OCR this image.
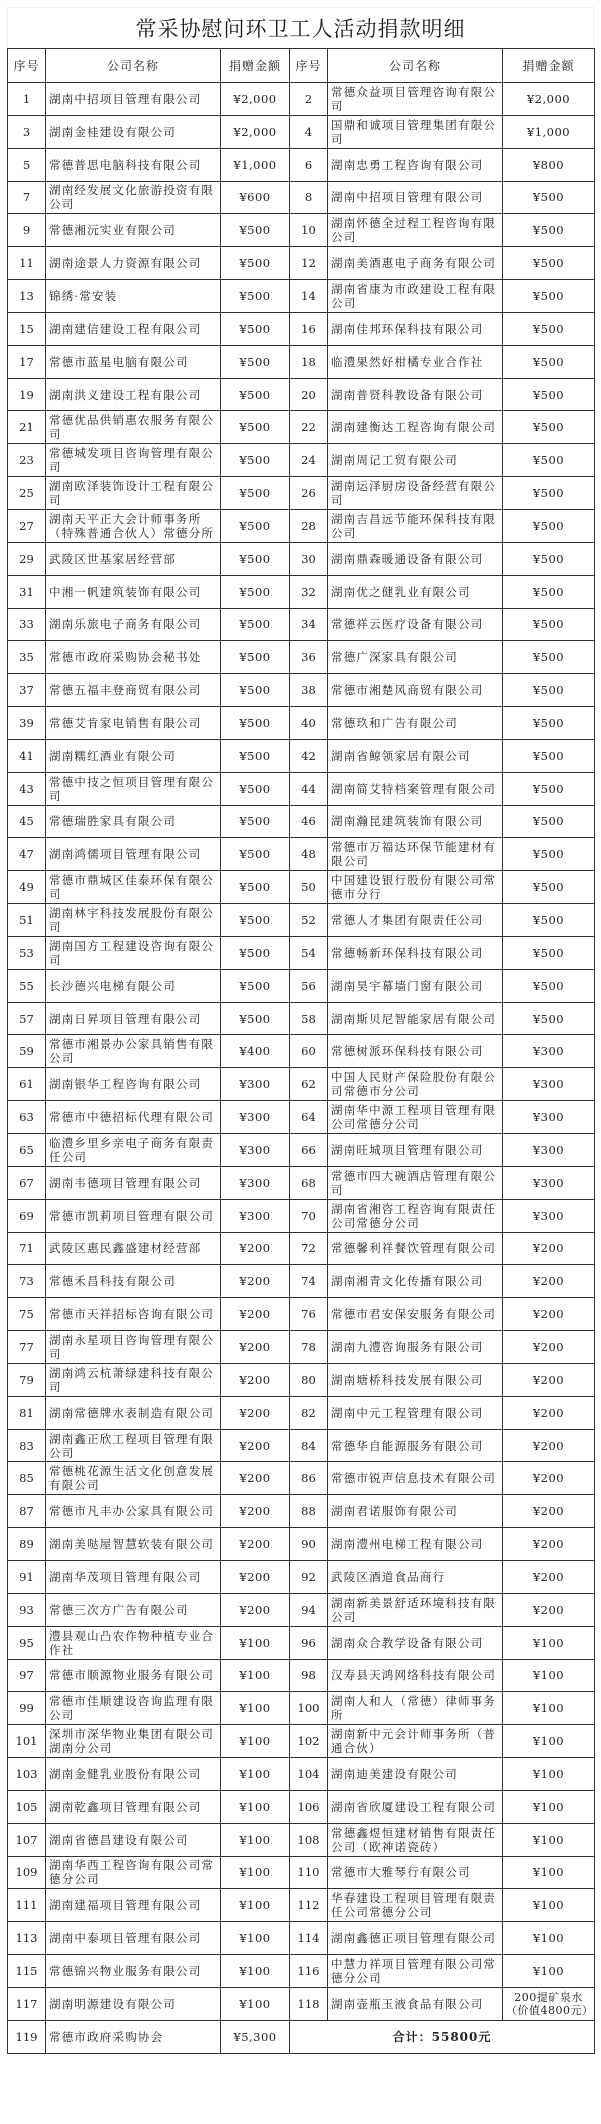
常采协慰问环卫工人活动捐款明细
序号	公司名称	捐赠金额	序号	公司名称	捐赠金额
1	湖南中招项目管理有限公司	¥2,000	2	常德众益项目管理咨询有限公司	¥2,000
3	湖南金桂建设有限公司	¥2,000	4	国鼎和诚项目管理集团有限公司	¥1,000
5	常德普思电脑科技有限公司	¥1,000	6	湖南忠勇工程咨询有限公司	¥800
7	湖南经发展文化旅游投资有限公司	¥600	8	湖南中招项目管理有限公司	¥500
9	常德湘沅实业有限公司	¥500	10	湖南怀德全过程工程咨询有限公司	¥500
11	湖南途景人力资源有限公司	¥500	12	湖南美酒惠电子商务有限公司	¥500
13	锦绣·常安装	¥500	14	湖南省康为市政建设工程有限公司	¥500
15	湖南建信建设工程有限公司	¥500	16	湖南佳邦环保科技有限公司	¥500
17	常德市蓝星电脑有限公司	¥500	18	临澧果然好柑橘专业合作社	¥500
19	湖南洪义建设工程有限公司	¥500	20	湖南普贤科教设备有限公司	¥500
21	常德优品供销惠农服务有限公司	¥500	22	湖南建衡达工程咨询有限公司	¥500
23	常德城发项目咨询管理有限公司	¥500	24	湖南周记工贸有限公司	¥500
25	湖南欧泽装饰设计工程有限公司	¥500	26	湖南运泽厨房设备经营有限公司	¥500
27	湖南天平正大会计师事务所（特殊普通合伙人）常德分所	¥500	28	湖南吉昌远节能环保科技有限公司	¥500
29	武陵区世基家居经营部	¥500	30	湖南鼎森暖通设备有限公司	¥500
31	中湘一帆建筑装饰有限公司	¥500	32	湖南优之健乳业有限公司	¥500
33	湖南乐旅电子商务有限公司	¥500	34	常德祥云医疗设备有限公司	¥500
35	常德市政府采购协会秘书处	¥500	36	常德广深家具有限公司	¥500
37	常德五福丰登商贸有限公司	¥500	38	常德市湘楚风商贸有限公司	¥500
39	常德艾肯家电销售有限公司	¥500	40	常德玖和广告有限公司	¥500
41	湖南糯红酒业有限公司	¥500	42	湖南省鲸领家居有限公司	¥500
43	常德中技之恒项目管理有限公司	¥500	44	湖南简艾特档案管理有限公司	¥500
45	常德瑞胜家具有限公司	¥500	46	湖南瀚昆建筑装饰有限公司	¥500
47	湖南鸿儒项目管理有限公司	¥500	48	常德市万福达环保节能建材有限公司	¥500
49	常德市鼎城区佳泰环保有限公司	¥500	50	中国建设银行股份有限公司常德市分行	¥500
51	湖南林宇科技发展股份有限公司	¥500	52	常德人才集团有限责任公司	¥500
53	湖南国方工程建设咨询有限公司	¥500	54	常德畅新环保科技有限公司	¥500
55	长沙德兴电梯有限公司	¥500	56	湖南昊宇幕墙门窗有限公司	¥500
57	湖南日昇项目管理有限公司	¥500	58	湖南斯贝尼智能家居有限公司	¥500
59	常德市湘景办公家具销售有限公司	¥400	60	常德树派环保科技有限公司	¥300
61	湖南银华工程咨询有限公司	¥300	62	中国人民财产保险股份有限公司常德市分公司	¥300
63	常德市中德招标代理有限公司	¥300	64	湖南华中源工程项目管理有限公司常德分公司	¥300
65	临澧乡里乡亲电子商务有限责任公司	¥300	66	湖南旺城项目管理有限公司	¥300
67	湖南韦德项目管理有限公司	¥300	68	常德市四大碗酒店管理有限公司	¥300
69	常德市凯莉项目管理有限公司	¥300	70	湖南省湘咨工程咨询有限责任公司常德分公司	¥300
71	武陵区惠民鑫盛建材经营部	¥200	72	常德馨利祥餐饮管理有限公司	¥200
73	常德禾昌科技有限公司	¥200	74	湖南湘青文化传播有限公司	¥200
75	常德市天祥招标咨询有限公司	¥200	76	常德市君安保安服务有限公司	¥200
77	湖南永星项目咨询管理有限公司	¥200	78	湖南九澧咨询服务有限公司	¥200
79	湖南鸿云杭萧绿建科技有限公司	¥200	80	湖南塘桥科技发展有限公司	¥200
81	湖南常德牌水表制造有限公司	¥200	82	湖南中元工程管理有限公司	¥200
83	湖南鑫正欣工程项目管理有限公司	¥200	84	常德华自能源服务有限公司	¥200
85	常德桃花源生活文化创意发展有限公司	¥200	86	常德市锐声信息技术有限公司	¥200
87	常德市凡丰办公家具有限公司	¥200	88	湖南君诺服饰有限公司	¥200
89	湖南美哒屋智慧软装有限公司	¥200	90	湖南澧州电梯工程有限公司	¥200
91	湖南华茂项目管理有限公司	¥200	92	武陵区酒道食品商行	¥200
93	常德三次方广告有限公司	¥200	94	湖南新美景舒适环境科技有限公司	¥200
95	澧县观山凸农作物种植专业合作社	¥100	96	湖南众合教学设备有限公司	¥100
97	常德市顺源物业服务有限公司	¥100	98	汉寿县天鸿网络科技有限公司	¥100
99	常德市佳顺建设咨询监理有限公司	¥100	100	湖南人和人（常德）律师事务所	¥100
101	深圳市深华物业集团有限公司湖南分公司	¥100	102	湖南新中元会计师事务所（普通合伙）	¥100
103	湖南金健乳业股份有限公司	¥100	104	湖南迪美建设有限公司	¥100
105	湖南乾鑫项目管理有限公司	¥100	106	湖南省欣厦建设工程有限公司	¥100
107	湖南省德昌建设有限公司	¥100	108	常德鑫煜恒建材销售有限责任公司（欧神诺瓷砖）	¥100
109	湖南华西工程咨询有限公司常德分公司	¥100	110	常德市大雅琴行有限公司	¥100
111	湖南建福项目管理有限公司	¥100	112	华春建设工程项目管理有限责任公司常德分公司	¥100
113	湖南中泰项目管理有限公司	¥100	114	湖南鑫德正项目管理有限公司	¥100
115	常德锦兴物业服务有限公司	¥100	116	中慧力祥项目管理有限公司常德分公司	¥100
117	湖南明源建设有限公司	¥100	118	湖南壶瓶玉液食品有限公司	200提矿泉水（价值4800元）
119	常德市政府采购协会	¥5,300	合计：55800元		
